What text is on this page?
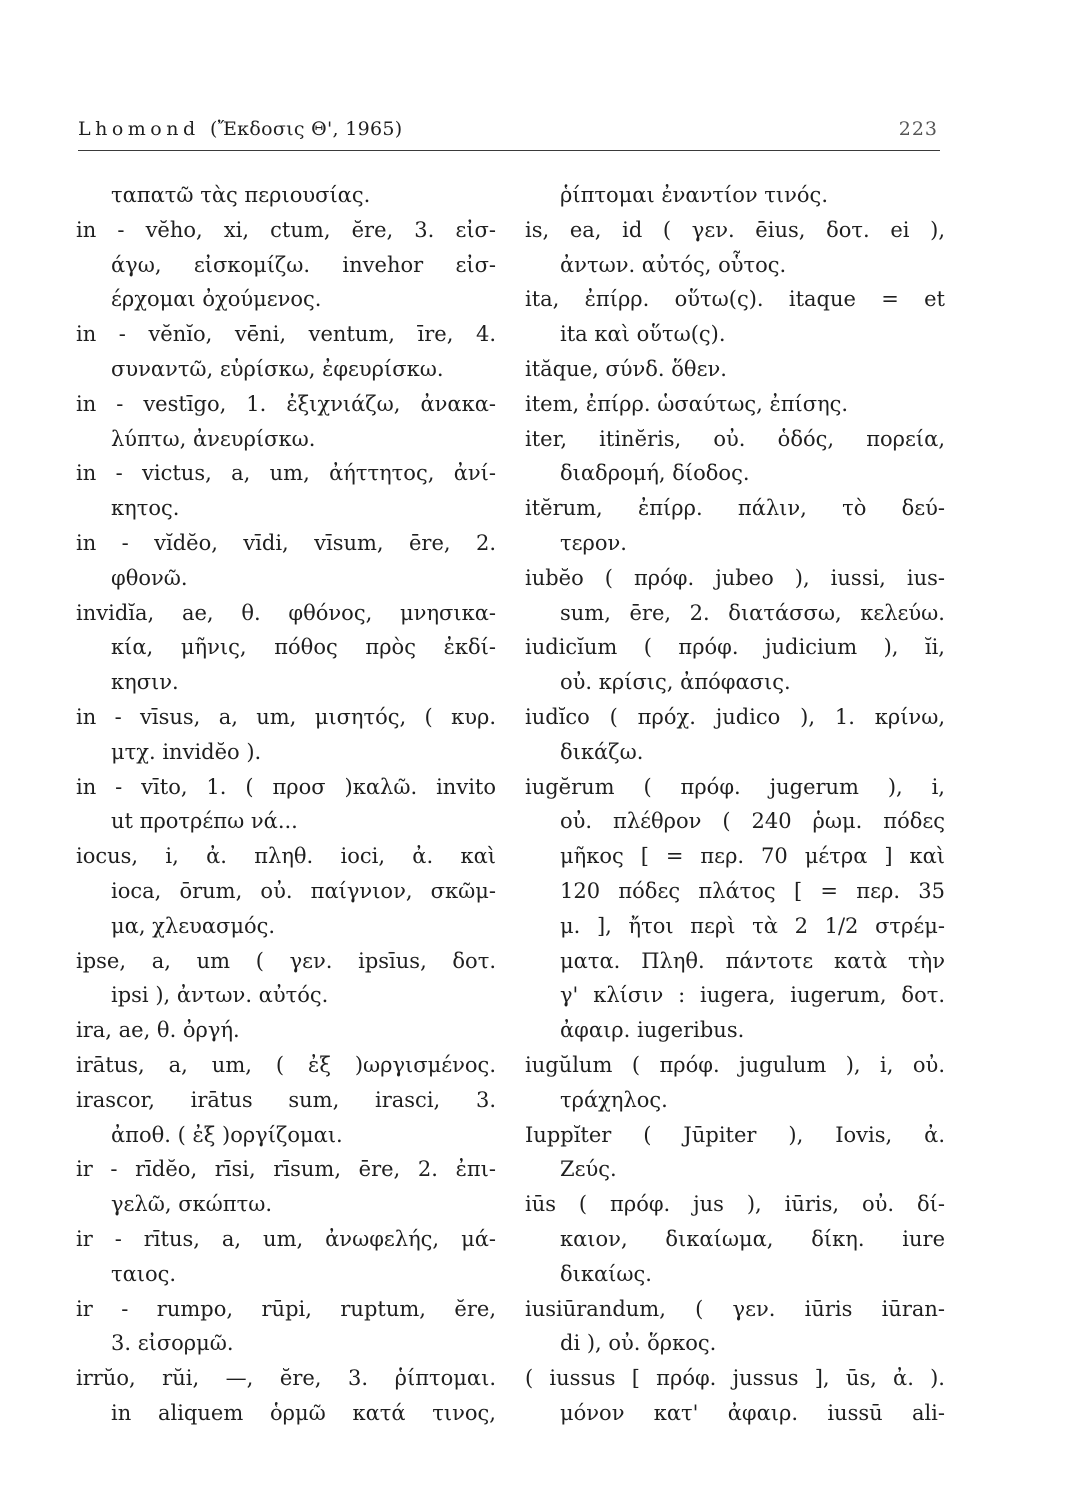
Lhomond (Ἔκδοσις Θ', 1965)	223
ταπατῶ τὰς περιουσίας.
in - vĕho, xi, ctum, ĕre, 3. εἰσ-
άγω, εἰσκομίζω. invehor εἰσ-
έρχομαι ὀχούμενος.
in - vĕnĭo, vēni, ventum, īre, 4.
συναντῶ, εὑρίσκω, ἐφευρίσκω.
in - vestīgo, 1. ἐξιχνιάζω, ἀνακα-
λύπτω, ἀνευρίσκω.
in - victus, a, um, ἀήττητος, ἀνί-
κητος.
in - vĭdĕo, vīdi, vīsum, ēre, 2.
φθονῶ.
invidĭa, ae, θ. φθόνος, μνησικα-
κία, μῆνις, πόθος πρὸς ἐκδί-
κησιν.
in - vīsus, a, um, μισητός, ( κυρ.
μτχ. invidĕo ).
in - vīto, 1. ( προσ )καλῶ. invito
ut προτρέπω νά...
iocus, i, ἀ. πληθ. ioci, ἀ. καὶ
ioca, ōrum, οὐ. παίγνιον, σκῶμ-
μα, χλευασμός.
ipse, a, um ( γεν. ipsīus, δοτ.
ipsi ), ἀντων. αὐτός.
ira, ae, θ. ὀργή.
irātus, a, um, ( ἐξ )ωργισμένος.
irascor, irātus sum, irasci, 3.
ἀποθ. ( ἐξ )οργίζομαι.
ir - rīdĕo, rīsi, rīsum, ēre, 2. ἐπι-
γελῶ, σκώπτω.
ir - rītus, a, um, ἀνωφελής, μά-
ταιος.
ir - rumpo, rūpi, ruptum, ĕre,
3. εἰσορμῶ.
irrŭo, rŭi, —, ĕre, 3. ῥίπτομαι.
in aliquem ὁρμῶ κατά τινος,
ῥίπτομαι ἐναντίον τινός.
is, ea, id ( γεν. ēius, δοτ. ei ),
ἀντων. αὐτός, οὗτος.
ita, ἐπίρρ. οὕτω(ς). itaque = et
ita καὶ οὕτω(ς).
ităque, σύνδ. ὅθεν.
item, ἐπίρρ. ὡσαύτως, ἐπίσης.
iter, itinĕris, οὐ. ὁδός, πορεία,
διαδρομή, δίοδος.
itĕrum, ἐπίρρ. πάλιν, τὸ δεύ-
τερον.
iubĕo ( πρόφ. jubeo ), iussi, ius-
sum, ēre, 2. διατάσσω, κελεύω.
iudicĭum ( πρόφ. judicium ), ĭi,
οὐ. κρίσις, ἀπόφασις.
iudĭco ( πρόχ. judico ), 1. κρίνω,
δικάζω.
iugĕrum ( πρόφ. jugerum ), i,
οὐ. πλέθρον ( 240 ῥωμ. πόδες
μῆκος [ = περ. 70 μέτρα ] καὶ
120 πόδες πλάτος [ = περ. 35
μ. ], ἤτοι περὶ τὰ 2 1/2 στρέμ-
ματα. Πληθ. πάντοτε κατὰ τὴν
γ' κλίσιν : iugera, iugerum, δοτ.
ἀφαιρ. iugeribus.
iugŭlum ( πρόφ. jugulum ), i, οὐ.
τράχηλος.
Iuppĭter ( Jūpiter ), Iovis, ἀ.
Ζεύς.
iūs ( πρόφ. jus ), iūris, οὐ. δί-
καιον, δικαίωμα, δίκη. iure
δικαίως.
iusiūrandum, ( γεν. iūris iūran-
di ), οὐ. ὅρκος.
( iussus [ πρόφ. jussus ], ūs, ἀ. ).
μόνον κατ' ἀφαιρ. iussū ali-
